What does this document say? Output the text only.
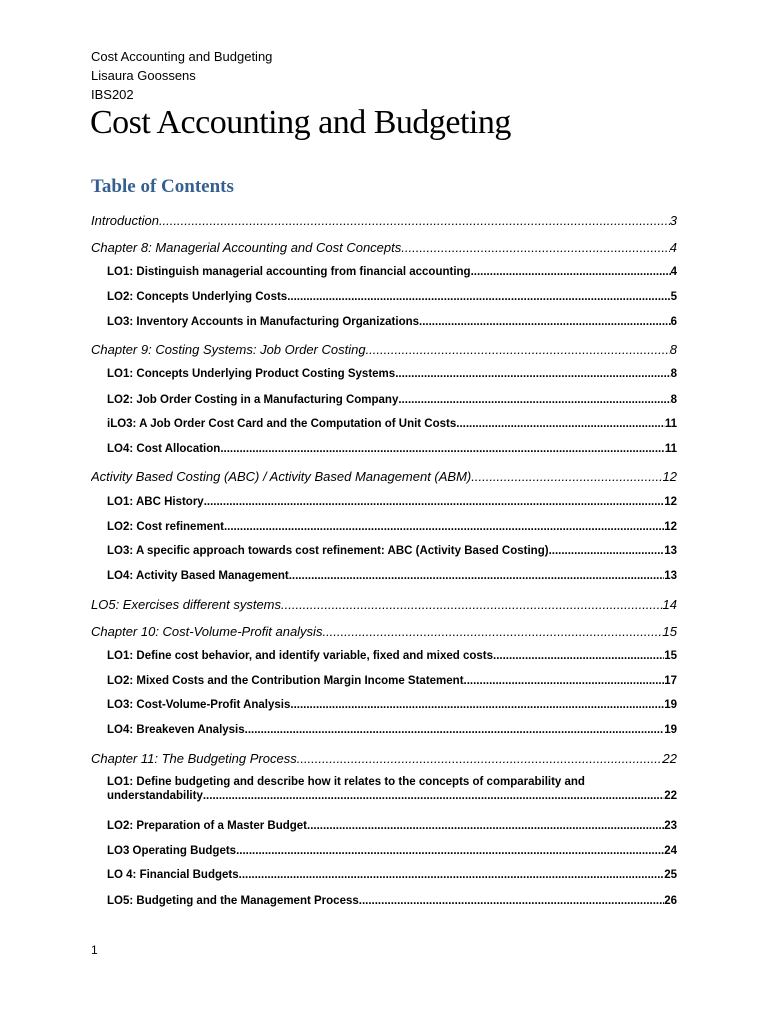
Cost Accounting and Budgeting
Lisaura Goossens
IBS202
Cost Accounting and Budgeting
Table of Contents
Introduction .....	3
Chapter 8: Managerial Accounting and Cost Concepts .....	4
LO1: Distinguish managerial accounting from financial accounting .....	4
LO2: Concepts Underlying Costs .....	5
LO3: Inventory Accounts in Manufacturing Organizations .....	6
Chapter 9: Costing Systems: Job Order Costing .....	8
LO1: Concepts Underlying Product Costing Systems .....	8
LO2: Job Order Costing in a Manufacturing Company .....	8
iLO3: A Job Order Cost Card and the Computation of Unit Costs .....	11
LO4: Cost Allocation .....	11
Activity Based Costing (ABC) / Activity Based Management (ABM) .....	12
LO1: ABC History .....	12
LO2: Cost refinement .....	12
LO3: A specific approach towards cost refinement: ABC (Activity Based Costing) .....	13
LO4: Activity Based Management .....	13
LO5: Exercises different systems .....	14
Chapter 10: Cost-Volume-Profit analysis .....	15
LO1: Define cost behavior, and identify variable, fixed and mixed costs .....	15
LO2: Mixed Costs and the Contribution Margin Income Statement .....	17
LO3: Cost-Volume-Profit Analysis .....	19
LO4: Breakeven Analysis .....	19
Chapter 11: The Budgeting Process .....	22
LO1: Define budgeting and describe how it relates to the concepts of comparability and
understandability .....	22
LO2: Preparation of a Master Budget .....	23
LO3 Operating Budgets .....	24
LO 4: Financial Budgets .....	25
LO5: Budgeting and the Management Process .....	26
1
